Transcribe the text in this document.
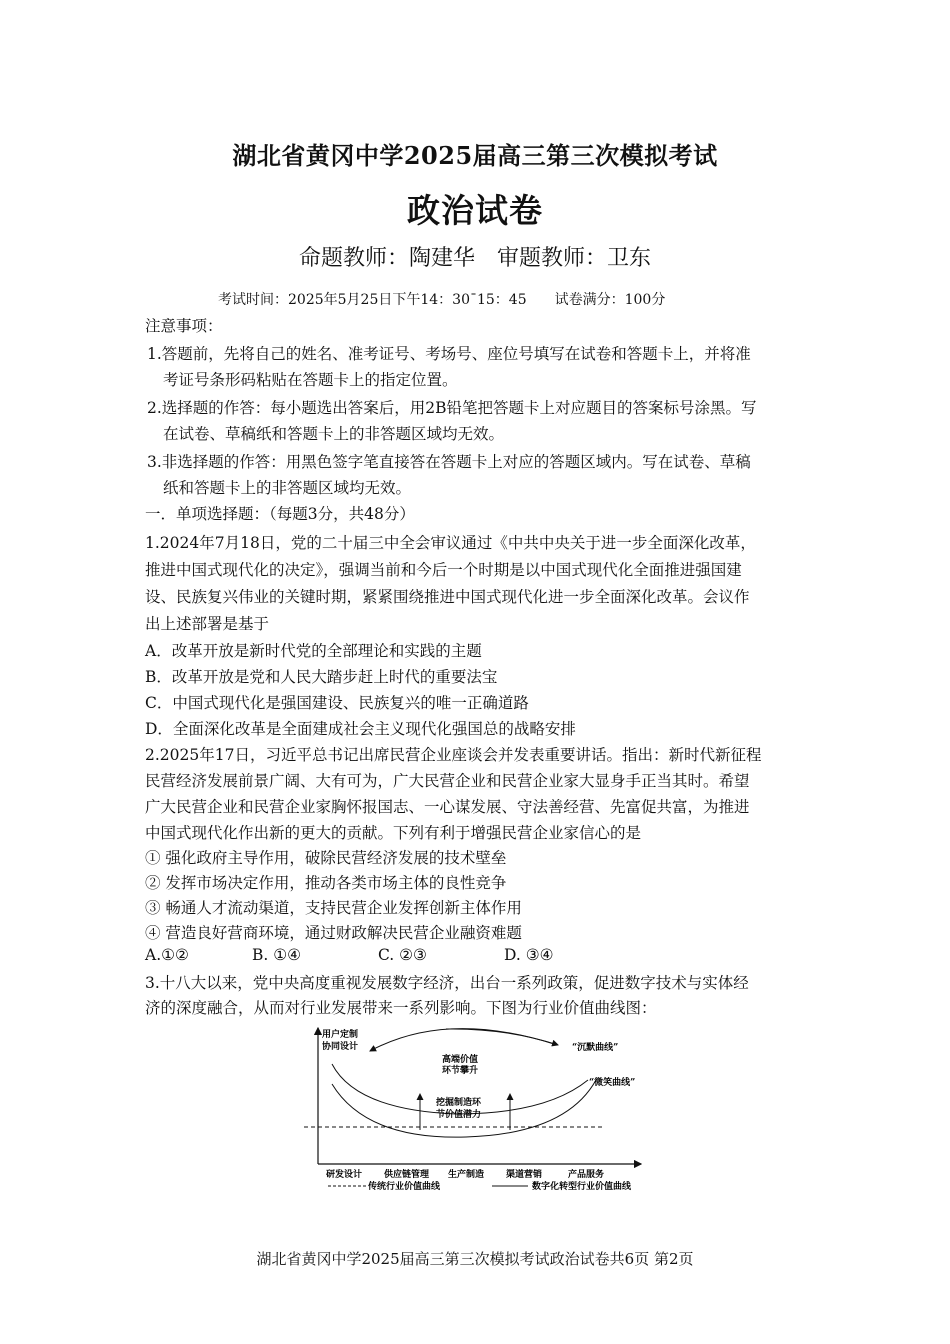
湖北省黄冈中学2025届高三第三次模拟考试
政治试卷
命题教师：陶建华　审题教师：卫东
考试时间：2025年5月25日下午14：30¯15：45　　试卷满分：100分
注意事项：
1.答题前，先将自己的姓名、准考证号、考场号、座位号填写在试卷和答题卡上，并将准
考证号条形码粘贴在答题卡上的指定位置。
2.选择题的作答：每小题选出答案后，用2B铅笔把答题卡上对应题目的答案标号涂黑。写
在试卷、草稿纸和答题卡上的非答题区域均无效。
3.非选择题的作答：用黑色签字笔直接答在答题卡上对应的答题区域内。写在试卷、草稿
纸和答题卡上的非答题区域均无效。
一．单项选择题：（每题3分，共48分）
1.2024年7月18日，党的二十届三中全会审议通过《中共中央关于进一步全面深化改革，
推进中国式现代化的决定》，强调当前和今后一个时期是以中国式现代化全面推进强国建
设、民族复兴伟业的关键时期，紧紧围绕推进中国式现代化进一步全面深化改革。会议作
出上述部署是基于
A．改革开放是新时代党的全部理论和实践的主题
B．改革开放是党和人民大踏步赶上时代的重要法宝
C．中国式现代化是强国建设、民族复兴的唯一正确道路
D．全面深化改革是全面建成社会主义现代化强国总的战略安排
2.2025年17日，习近平总书记出席民营企业座谈会并发表重要讲话。指出：新时代新征程
民营经济发展前景广阔、大有可为，广大民营企业和民营企业家大显身手正当其时。希望
广大民营企业和民营企业家胸怀报国志、一心谋发展、守法善经营、先富促共富，为推进
中国式现代化作出新的更大的贡献。下列有利于增强民营企业家信心的是
① 强化政府主导作用，破除民营经济发展的技术壁垒
② 发挥市场决定作用，推动各类市场主体的良性竞争
③ 畅通人才流动渠道，支持民营企业发挥创新主体作用
④ 营造良好营商环境，通过财政解决民营企业融资难题
A.①②	B. ①④	C. ②③	D. ③④
3.十八大以来，党中央高度重视发展数字经济，出台一系列政策，促进数字技术与实体经
济的深度融合，从而对行业发展带来一系列影响。下图为行业价值曲线图：
用户定制
协同设计	“沉默曲线”
高端价值
环节攀升
“微笑曲线”
挖掘制造环
节价值潜力
研发设计 供应链管理 生产制造 渠道营销	产品服务
传统行业价值曲线	数字化转型行业价值曲线
湖北省黄冈中学2025届高三第三次模拟考试政治试卷共6页 第2页
